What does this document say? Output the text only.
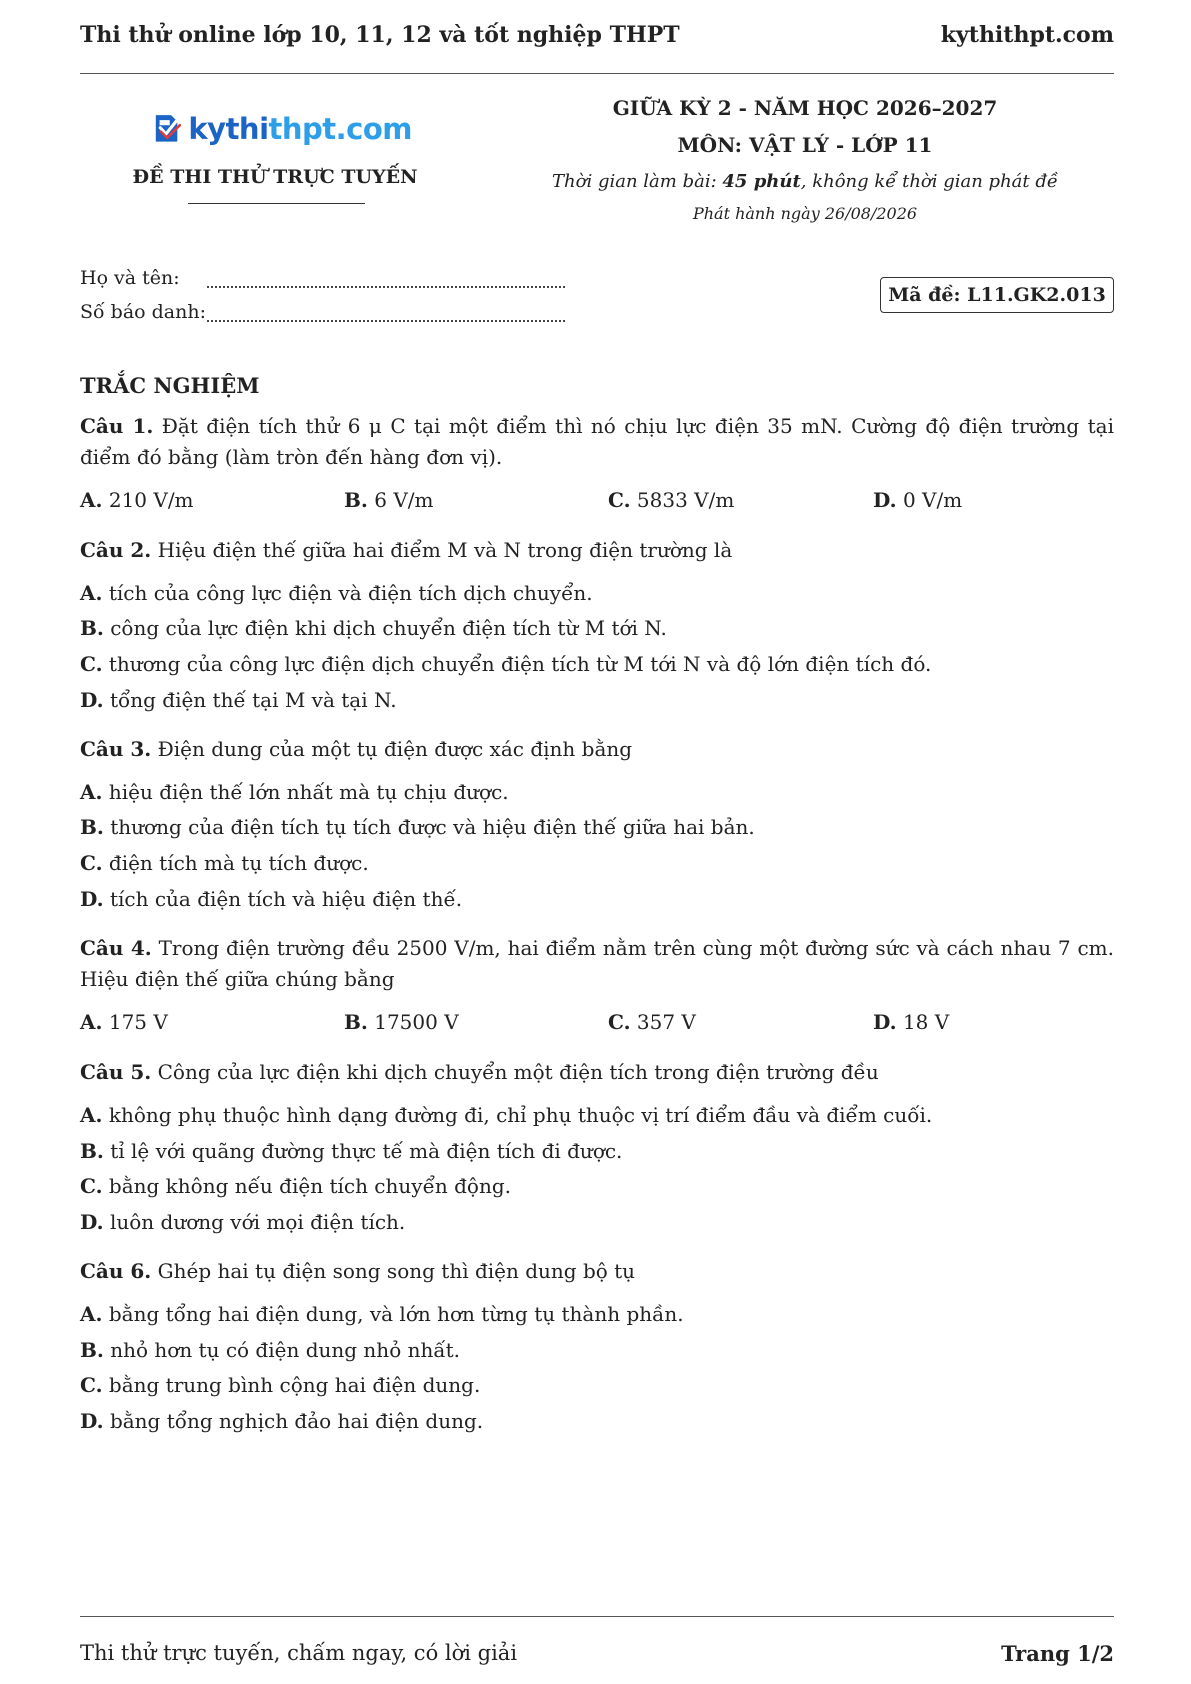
Thi thử online lớp 10, 11, 12 và tốt nghiệp THPT	kythithpt.com
kythithpt.com
ĐỀ THI THỬ TRỰC TUYẾN
GIỮA KỲ 2 - NĂM HỌC 2026–2027
MÔN: VẬT LÝ - LỚP 11
Thời gian làm bài: 45 phút, không kể thời gian phát đề
Phát hành ngày 26/08/2026
Họ và tên:
Số báo danh:
Mã đề: L11.GK2.013
TRẮC NGHIỆM
Câu 1. Đặt điện tích thử 6 μ C tại một điểm thì nó chịu lực điện 35 mN. Cường độ điện trường tại điểm đó bằng (làm tròn đến hàng đơn vị).
A. 210 V/m	B. 6 V/m	C. 5833 V/m	D. 0 V/m
Câu 2. Hiệu điện thế giữa hai điểm M và N trong điện trường là
A. tích của công lực điện và điện tích dịch chuyển.
B. công của lực điện khi dịch chuyển điện tích từ M tới N.
C. thương của công lực điện dịch chuyển điện tích từ M tới N và độ lớn điện tích đó.
D. tổng điện thế tại M và tại N.
Câu 3. Điện dung của một tụ điện được xác định bằng
A. hiệu điện thế lớn nhất mà tụ chịu được.
B. thương của điện tích tụ tích được và hiệu điện thế giữa hai bản.
C. điện tích mà tụ tích được.
D. tích của điện tích và hiệu điện thế.
Câu 4. Trong điện trường đều 2500 V/m, hai điểm nằm trên cùng một đường sức và cách nhau 7 cm. Hiệu điện thế giữa chúng bằng
A. 175 V	B. 17500 V	C. 357 V	D. 18 V
Câu 5. Công của lực điện khi dịch chuyển một điện tích trong điện trường đều
A. không phụ thuộc hình dạng đường đi, chỉ phụ thuộc vị trí điểm đầu và điểm cuối.
B. tỉ lệ với quãng đường thực tế mà điện tích đi được.
C. bằng không nếu điện tích chuyển động.
D. luôn dương với mọi điện tích.
Câu 6. Ghép hai tụ điện song song thì điện dung bộ tụ
A. bằng tổng hai điện dung, và lớn hơn từng tụ thành phần.
B. nhỏ hơn tụ có điện dung nhỏ nhất.
C. bằng trung bình cộng hai điện dung.
D. bằng tổng nghịch đảo hai điện dung.
Thi thử trực tuyến, chấm ngay, có lời giải	Trang 1/2
